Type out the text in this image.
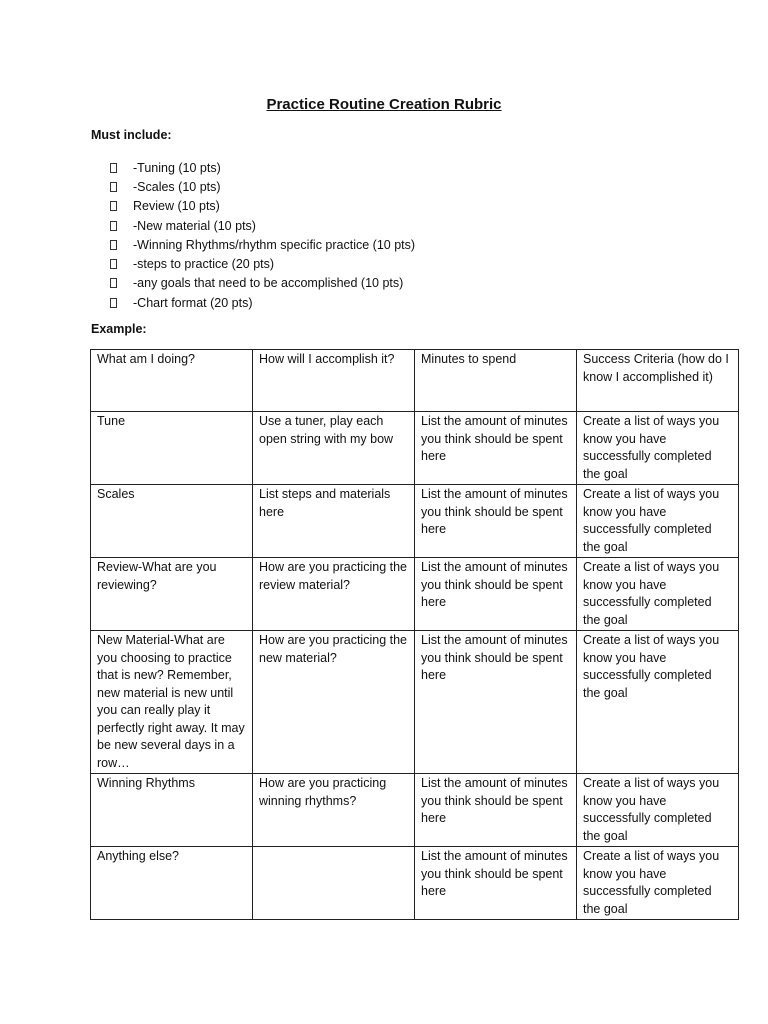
Practice Routine Creation Rubric
Must include:
-Tuning (10 pts)
-Scales (10 pts)
Review (10 pts)
-New material (10 pts)
-Winning Rhythms/rhythm specific practice (10 pts)
-steps to practice (20 pts)
-any goals that need to be accomplished (10 pts)
-Chart format (20 pts)
Example:
What am I doing?	How will I accomplish it?	Minutes to spend	Success Criteria (how do I know I accomplished it)
Tune	Use a tuner, play each open string with my bow	List the amount of minutes you think should be spent here	Create a list of ways you know you have successfully completed the goal
Scales	List steps and materials here	List the amount of minutes you think should be spent here	Create a list of ways you know you have successfully completed the goal
Review-What are you reviewing?	How are you practicing the review material?	List the amount of minutes you think should be spent here	Create a list of ways you know you have successfully completed the goal
New Material-What are you choosing to practice that is new? Remember, new material is new until you can really play it perfectly right away. It may be new several days in a row…	How are you practicing the new material?	List the amount of minutes you think should be spent here	Create a list of ways you know you have successfully completed the goal
Winning Rhythms	How are you practicing winning rhythms?	List the amount of minutes you think should be spent here	Create a list of ways you know you have successfully completed the goal
Anything else?		List the amount of minutes you think should be spent here	Create a list of ways you know you have successfully completed the goal
